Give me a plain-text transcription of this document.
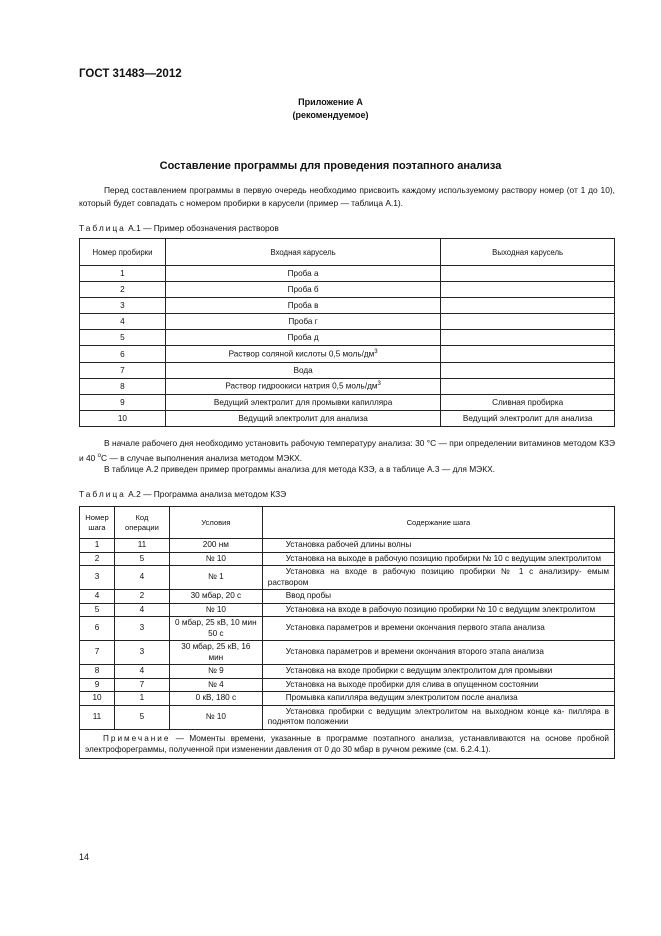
ГОСТ 31483—2012
Приложение А
(рекомендуемое)
Составление программы для проведения поэтапного анализа
Перед составлением программы в первую очередь необходимо присвоить каждому используемому раствору номер (от 1 до 10), который будет совпадать с номером пробирки в карусели (пример — таблица А.1).
Таблица А.1 — Пример обозначения растворов
Номер пробирки	Входная карусель	Выходная карусель
1	Проба а	
2	Проба б	
3	Проба в	
4	Проба г	
5	Проба д	
6	Раствор соляной кислоты 0,5 моль/$дм^3$	
7	Вода	
8	Раствор гидроокиси натрия 0,5 моль/$дм^3$	
9	Ведущий электролит для промывки капилляра	Сливная пробирка
10	Ведущий электролит для анализа	Ведущий электролит для анализа
В начале рабочего дня необходимо установить рабочую температуру анализа: 30 °С — при определении витаминов методом КЗЭ и 40 $^о$С — в случае выполнения анализа методом МЭКХ.
В таблице А.2 приведен пример программы анализа для метода КЗЭ, а в таблице А.3 — для МЭКХ.
Таблица А.2 — Программа анализа методом КЗЭ
Номер шага	Код операции	Условия	Содержание шага
1	11	200 нм	Установка рабочей длины волны
2	5	№ 10	Установка на выходе в рабочую позицию пробирки № 10 с ведущим электролитом
3	4	№ 1	Установка на входе в рабочую позицию пробирки № 1 с анализиру- емым раствором
4	2	30 мбар, 20 с	Ввод пробы
5	4	№ 10	Установка на входе в рабочую позицию пробирки № 10 с ведущим электролитом
6	3	0 мбар, 25 кВ, 10 мин 50 с	Установка параметров и времени окончания первого этапа анализа
7	3	30 мбар, 25 кВ, 16 мин	Установка параметров и времени окончания второго этапа анализа
8	4	№ 9	Установка на входе пробирки с ведущим электролитом для промывки
9	7	№ 4	Установка на выходе пробирки для слива в опущенном состоянии
10	1	0 кВ, 180 с	Промывка капилляра ведущим электролитом после анализа
11	5	№ 10	Установка пробирки с ведущим электролитом на выходном конце ка- пилляра в поднятом положении
Примечание — Моменты времени, указанные в программе поэтапного анализа, устанавливаются на основе пробной электрофореграммы, полученной при изменении давления от 0 до 30 мбар в ручном режиме (см. 6.2.4.1).			
14
